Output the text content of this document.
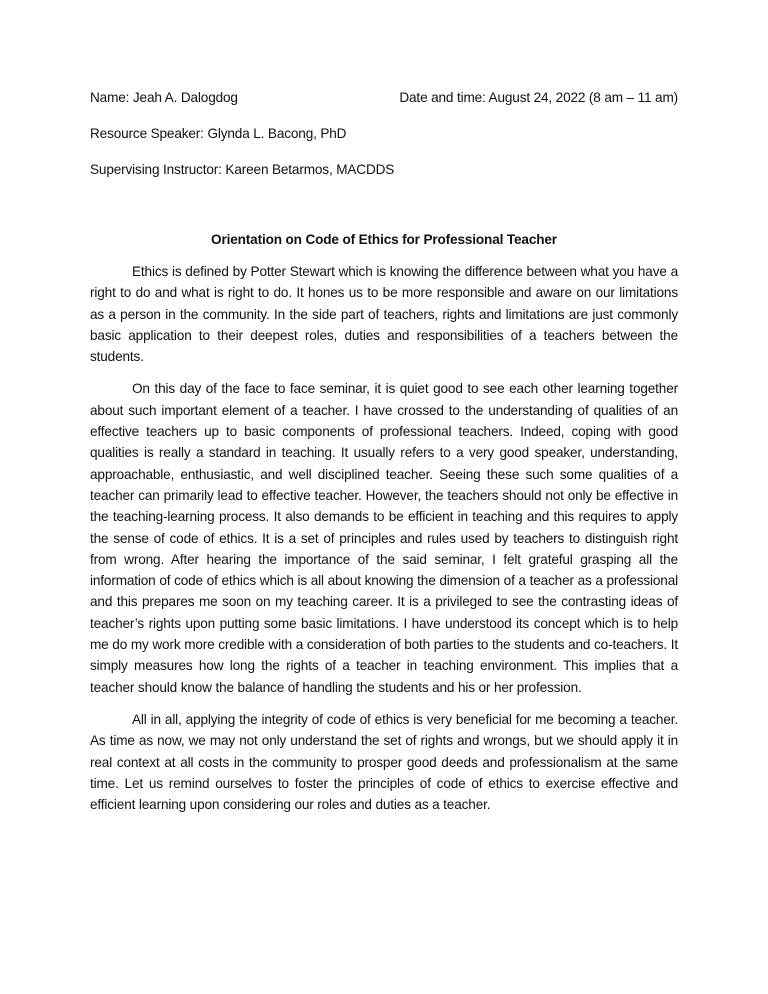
Name: Jeah A. Dalogdog	Date and time: August 24, 2022 (8 am – 11 am)
Resource Speaker: Glynda L. Bacong, PhD
Supervising Instructor: Kareen Betarmos, MACDDS
Orientation on Code of Ethics for Professional Teacher

Ethics is defined by Potter Stewart which is knowing the difference between what you have a right to do and what is right to do. It hones us to be more responsible and aware on our limitations as a person in the community. In the side part of teachers, rights and limitations are just commonly basic application to their deepest roles, duties and responsibilities of a teachers between the students.

On this day of the face to face seminar, it is quiet good to see each other learning together about such important element of a teacher. I have crossed to the understanding of qualities of an effective teachers up to basic components of professional teachers. Indeed, coping with good qualities is really a standard in teaching. It usually refers to a very good speaker, understanding, approachable, enthusiastic, and well disciplined teacher. Seeing these such some qualities of a teacher can primarily lead to effective teacher. However, the teachers should not only be effective in the teaching-learning process. It also demands to be efficient in teaching and this requires to apply the sense of code of ethics. It is a set of principles and rules used by teachers to distinguish right from wrong. After hearing the importance of the said seminar, I felt grateful grasping all the information of code of ethics which is all about knowing the dimension of a teacher as a professional and this prepares me soon on my teaching career. It is a privileged to see the contrasting ideas of teacher’s rights upon putting some basic limitations. I have understood its concept which is to help me do my work more credible with a consideration of both parties to the students and co-teachers. It simply measures how long the rights of a teacher in teaching environment. This implies that a teacher should know the balance of handling the students and his or her profession.

All in all, applying the integrity of code of ethics is very beneficial for me becoming a teacher. As time as now, we may not only understand the set of rights and wrongs, but we should apply it in real context at all costs in the community to prosper good deeds and professionalism at the same time. Let us remind ourselves to foster the principles of code of ethics to exercise effective and efficient learning upon considering our roles and duties as a teacher.
